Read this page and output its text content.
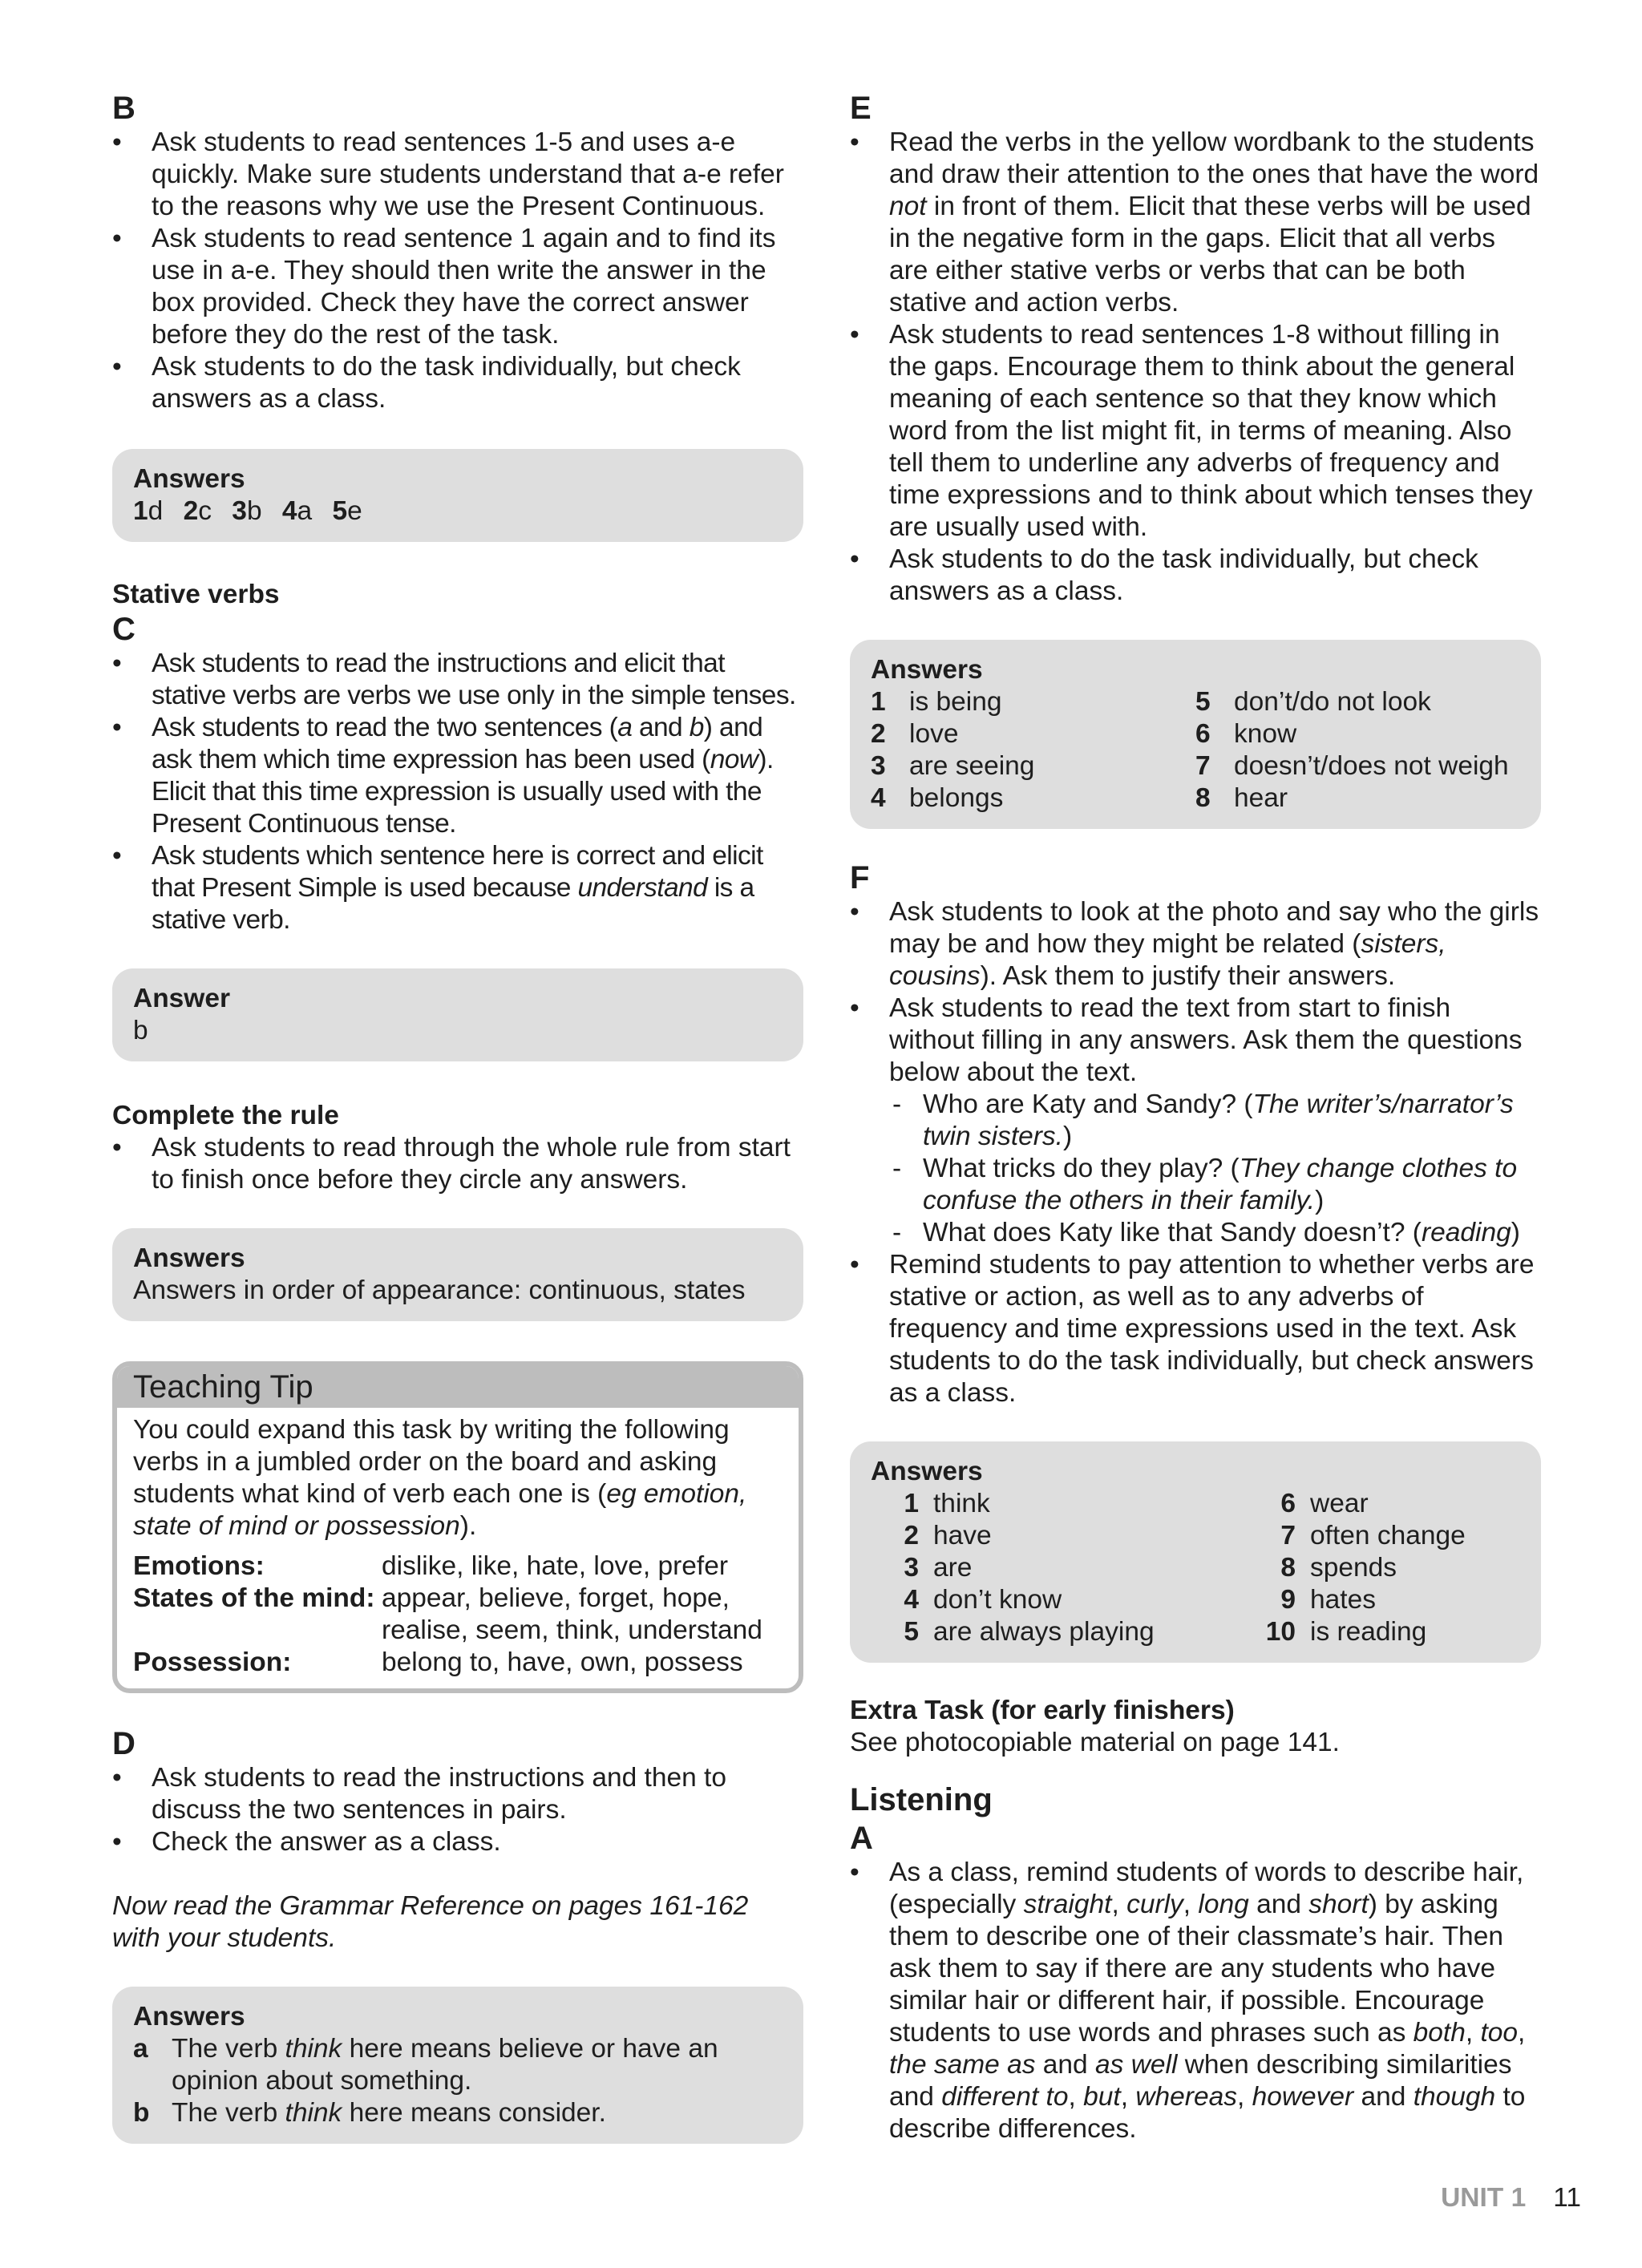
B

• Ask students to read sentences 1-5 and uses a-e quickly. Make sure students understand that a-e refer to the reasons why we use the Present Continuous.
• Ask students to read sentence 1 again and to find its use in a-e. They should then write the answer in the box provided. Check they have the correct answer before they do the rest of the task.
• Ask students to do the task individually, but check answers as a class.
Answers
1d 2c 3b 4a 5e

Stative verbs

C

• Ask students to read the instructions and elicit that stative verbs are verbs we use only in the simple tenses.
• Ask students to read the two sentences (a and b) and ask them which time expression has been used (now). Elicit that this time expression is usually used with the Present Continuous tense.
• Ask students which sentence here is correct and elicit that Present Simple is used because understand is a stative verb.
Answer
b

Complete the rule

• Ask students to read through the whole rule from start to finish once before they circle any answers.
Answers
Answers in order of appearance: continuous, states
Teaching Tip
You could expand this task by writing the following verbs in a jumbled order on the board and asking students what kind of verb each one is (eg emotion, state of mind or possession).
Emotions:	dislike, like, hate, love, prefer
States of the mind:	appear, believe, forget, hope, realise, seem, think, understand
Possession:	belong to, have, own, possess

D

• Ask students to read the instructions and then to discuss the two sentences in pairs.
• Check the answer as a class.

Now read the Grammar Reference on pages 161-162 with your students.

Answers
a The verb think here means believe or have an opinion about something.
b The verb think here means consider.

E

• Read the verbs in the yellow wordbank to the students and draw their attention to the ones that have the word not in front of them. Elicit that these verbs will be used in the negative form in the gaps. Elicit that all verbs are either stative verbs or verbs that can be both stative and action verbs.
• Ask students to read sentences 1-8 without filling in the gaps. Encourage them to think about the general meaning of each sentence so that they know which word from the list might fit, in terms of meaning. Also tell them to underline any adverbs of frequency and time expressions and to think about which tenses they are usually used with.
• Ask students to do the task individually, but check answers as a class.
Answers
1 is being	5 don’t/do not look
2 love	6 know
3 are seeing	7 doesn’t/does not weigh
4 belongs	8 hear

F

• Ask students to look at the photo and say who the girls may be and how they might be related (sisters, cousins). Ask them to justify their answers.
• Ask students to read the text from start to finish without filling in any answers. Ask them the questions below about the text.
- Who are Katy and Sandy? (The writer’s/narrator’s twin sisters.)
- What tricks do they play? (They change clothes to confuse the others in their family.)
- What does Katy like that Sandy doesn’t? (reading)
• Remind students to pay attention to whether verbs are stative or action, as well as to any adverbs of frequency and time expressions used in the text. Ask students to do the task individually, but check answers as a class.
Answers
1 think	6 wear
2 have	7 often change
3 are	8 spends
4 don’t know	9 hates
5 are always playing	10 is reading

Extra Task (for early finishers)

See photocopiable material on page 141.

Listening

A

• As a class, remind students of words to describe hair, (especially straight, curly, long and short) by asking them to describe one of their classmate’s hair. Then ask them to say if there are any students who have similar hair or different hair, if possible. Encourage students to use words and phrases such as both, too, the same as and as well when describing similarities and different to, but, whereas, however and though to describe differences.
UNIT 1 11
